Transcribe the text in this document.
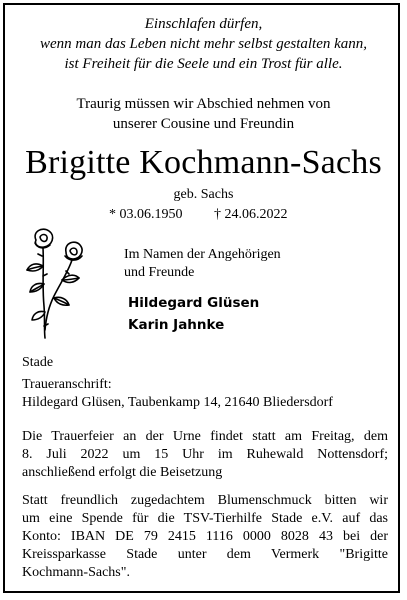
Einschlafen dürfen,
wenn man das Leben nicht mehr selbst gestalten kann,
ist Freiheit für die Seele und ein Trost für alle.
Traurig müssen wir Abschied nehmen von
unserer Cousine und Freundin
Brigitte Kochmann-Sachs
geb. Sachs
* 03.06.1950 † 24.06.2022
Im Namen der Angehörigen
und Freunde
Hildegard Glüsen
Karin Jahnke
Stade

Traueranschrift:

Hildegard Glüsen, Taubenkamp 14, 21640 Bliedersdorf

Die Trauerfeier an der Urne findet statt am Freitag, dem

8. Juli 2022 um 15 Uhr im Ruhewald Nottensdorf;

anschließend erfolgt die Beisetzung

Statt freundlich zugedachtem Blumenschmuck bitten wir

um eine Spende für die TSV-Tierhilfe Stade e.V. auf das

Konto: IBAN DE 79 2415 1116 0000 8028 43 bei der

Kreissparkasse Stade unter dem Vermerk "Brigitte

Kochmann-Sachs".
